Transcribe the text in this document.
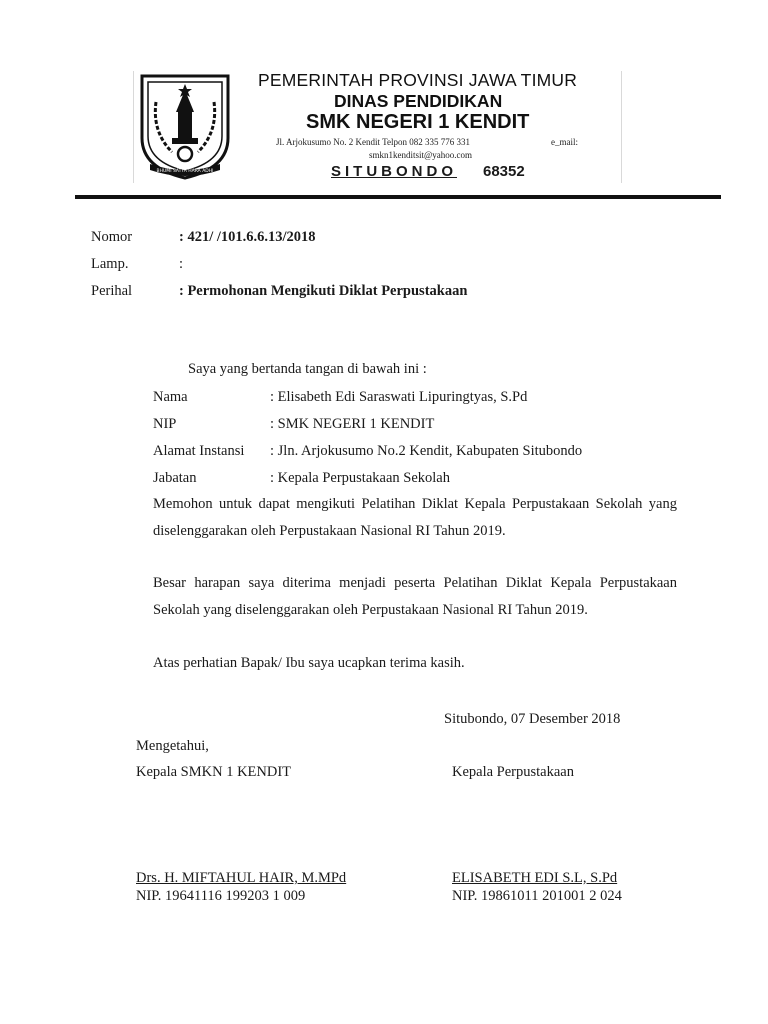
BHUMI SATYA HARA ADHI
PEMERINTAH PROVINSI JAWA TIMUR
DINAS PENDIDIKAN
SMK NEGERI 1 KENDIT
Jl. Arjokusumo No. 2 Kendit Telpon 082 335 776 331	e_mail:
smkn1kenditsit@yahoo.com
SITUBONDO 68352
Nomor	: 421/ /101.6.6.13/2018
Lamp.	:
Perihal	: Permohonan Mengikuti Diklat Perpustakaan
Saya yang bertanda tangan di bawah ini :
Nama	: Elisabeth Edi Saraswati Lipuringtyas, S.Pd
NIP	: SMK NEGERI 1 KENDIT
Alamat Instansi : Jln. Arjokusumo No.2 Kendit, Kabupaten Situbondo
Jabatan	: Kepala Perpustakaan Sekolah
Memohon untuk dapat mengikuti Pelatihan Diklat Kepala Perpustakaan Sekolah yang diselenggarakan oleh Perpustakaan Nasional RI Tahun 2019.
Besar harapan saya diterima menjadi peserta Pelatihan Diklat Kepala Perpustakaan Sekolah yang diselenggarakan oleh Perpustakaan Nasional RI Tahun 2019.
Atas perhatian Bapak/ Ibu saya ucapkan terima kasih.
Situbondo, 07 Desember 2018
Mengetahui,
Kepala SMKN 1 KENDIT	Kepala Perpustakaan
Drs. H. MIFTAHUL HAIR, M.MPd
NIP. 19641116 199203 1 009
ELISABETH EDI S.L, S.Pd
NIP. 19861011 201001 2 024
